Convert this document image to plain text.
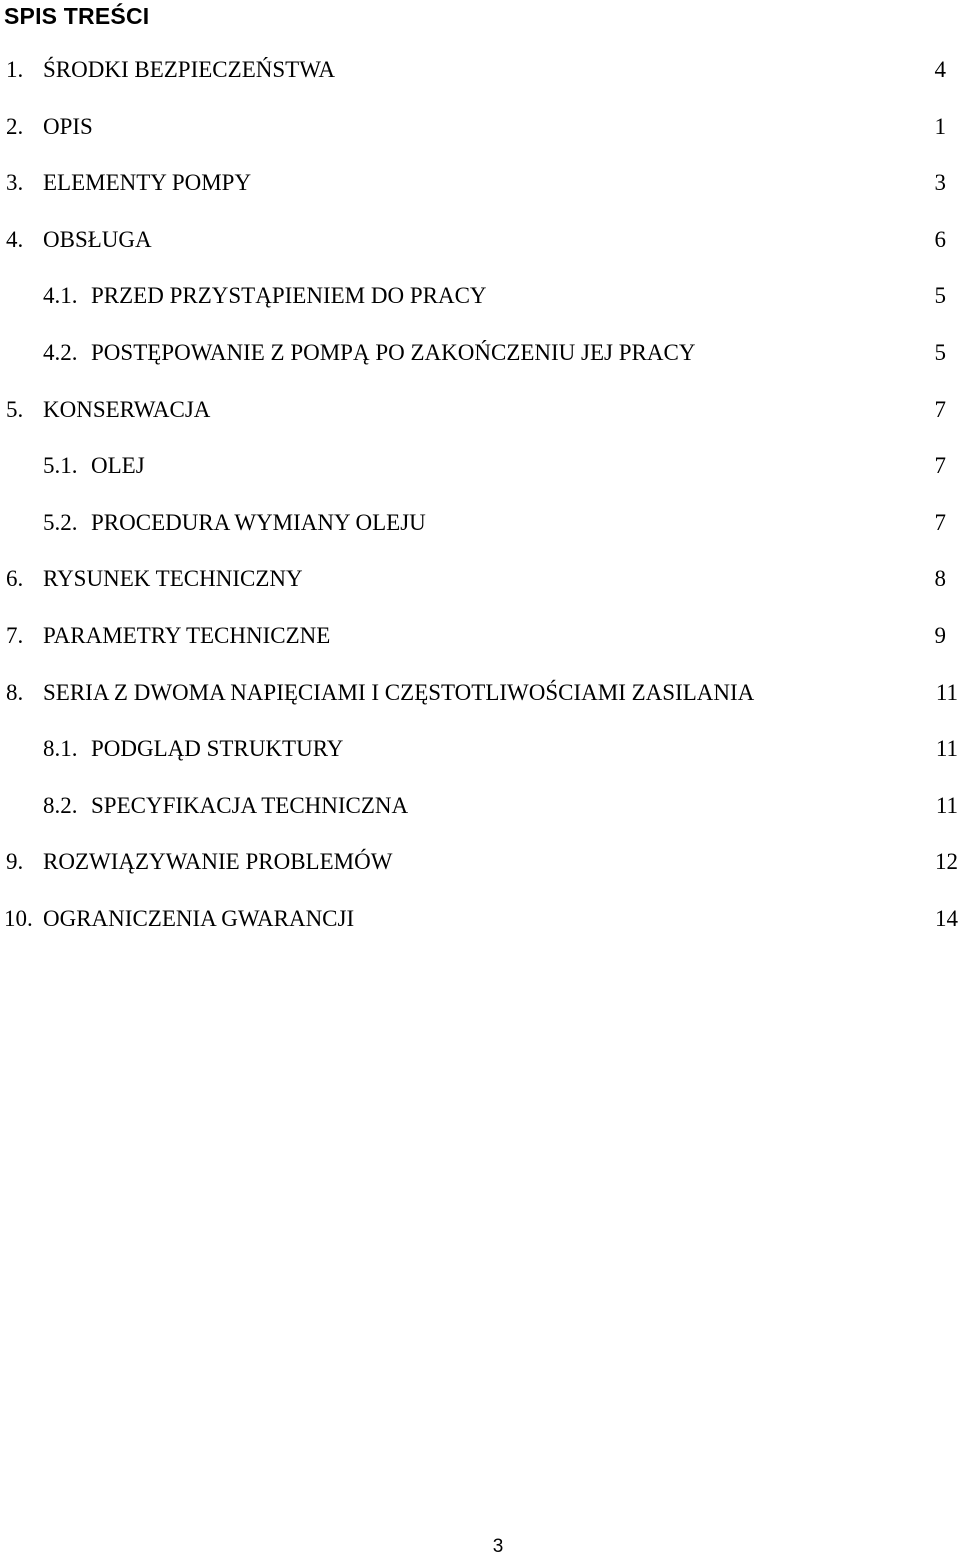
SPIS TREŚCI
1. ŚRODKI BEZPIECZEŃSTWA	4
2. OPIS	1
3. ELEMENTY POMPY	3
4. OBSŁUGA	6
4.1. PRZED PRZYSTĄPIENIEM DO PRACY	5
4.2. POSTĘPOWANIE Z POMPĄ PO ZAKOŃCZENIU JEJ PRACY	5
5. KONSERWACJA	7
5.1. OLEJ	7
5.2. PROCEDURA WYMIANY OLEJU	7
6. RYSUNEK TECHNICZNY	8
7. PARAMETRY TECHNICZNE	9
8. SERIA Z DWOMA NAPIĘCIAMI I CZĘSTOTLIWOŚCIAMI ZASILANIA	11
8.1. PODGLĄD STRUKTURY	11
8.2. SPECYFIKACJA TECHNICZNA	11
9. ROZWIĄZYWANIE PROBLEMÓW	12
10. OGRANICZENIA GWARANCJI	14

3
